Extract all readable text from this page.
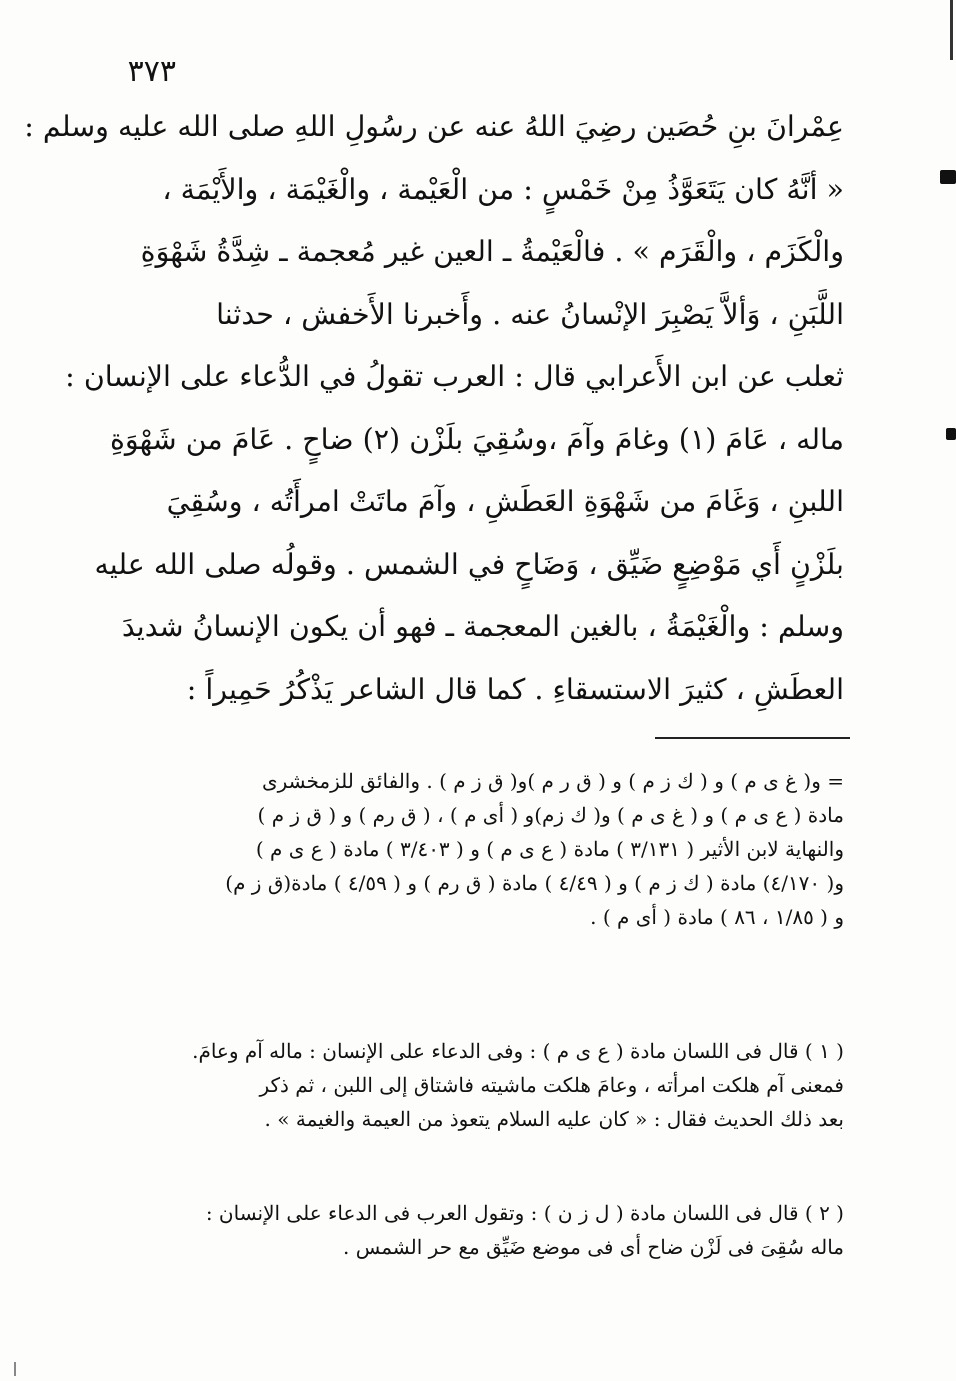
٣٧٣
عِمْرانَ بنِ حُصَين رضِيَ اللهُ عنه عن رسُولِ اللهِ صلى الله عليه وسلم :
« أنَّهُ كان يَتَعَوَّذُ مِنْ خَمْسٍ : من الْعَيْمة ، والْغَيْمَة ، والأَيْمَة ،
والْكَزَم ، والْقَرَم » . فالْعَيْمةُ ـ العين غير مُعجمة ـ شِدَّةُ شَهْوَةِ
اللَّبَنِ ، وَألاَّ يَصْبِرَ الإنْسانُ عنه . وأَخبرنا الأَخفش ، حدثنا
ثعلب عن ابن الأَعرابي قال : العرب تقولُ في الدُّعاء على الإنسان :
ماله ، عَامَ (١) وغامَ وآمَ ،وسُقِيَ بلَزْن (٢) ضاحٍ . عَامَ من شَهْوَةِ
اللبنِ ، وَغَامَ من شَهْوَةِ العَطَشِ ، وآمَ ماتَتْ امرأَتُه ، وسُقِيَ
بلَزْنٍ أَي مَوْضِعٍ ضَيِّق ، وَضَاحٍ في الشمس . وقولُه صلى الله عليه
وسلم : والْغَيْمَةُ ، بالغين المعجمة ـ فهو أن يكون الإنسانُ شديدَ
العطَشِ ، كثيرَ الاستسقاءِ . كما قال الشاعر يَذْكُرُ حَمِيراً :
= و( غ ى م ) و ( ك ز م ) و ( ق ر م )و( ق ز م ) . والفائق للزمخشرى
مادة ( ع ى م ) و ( غ ى م ) و( ك زم)و ( أى م ) ، ( ق رم ) و ( ق ز م )
والنهاية لابن الأثير ( ٣/١٣١ ) مادة ( ع ى م ) و ( ٣/٤٠٣ ) مادة ( ع ى م )
و( ٤/١٧٠) مادة ( ك ز م ) و ( ٤/٤٩ ) مادة ( ق رم ) و ( ٤/٥٩ ) مادة(ق ز م)
و ( ١/٨٥ ، ٨٦ ) مادة ( أى م ) .
( ١ ) قال فى اللسان مادة ( ع ى م ) : وفى الدعاء على الإنسان : ماله آم وعامَ.
فمعنى آم هلكت امرأته ، وعامَ هلكت ماشيته فاشتاق إلى اللبن ، ثم ذكر
بعد ذلك الحديث فقال : « كان عليه السلام يتعوذ من العيمة والغيمة » .
( ٢ ) قال فى اللسان مادة ( ل ز ن ) : وتقول العرب فى الدعاء على الإنسان :
ماله سُقِىَ فى لَزْن ضاح أى فى موضع ضَيِّق مع حر الشمس .
